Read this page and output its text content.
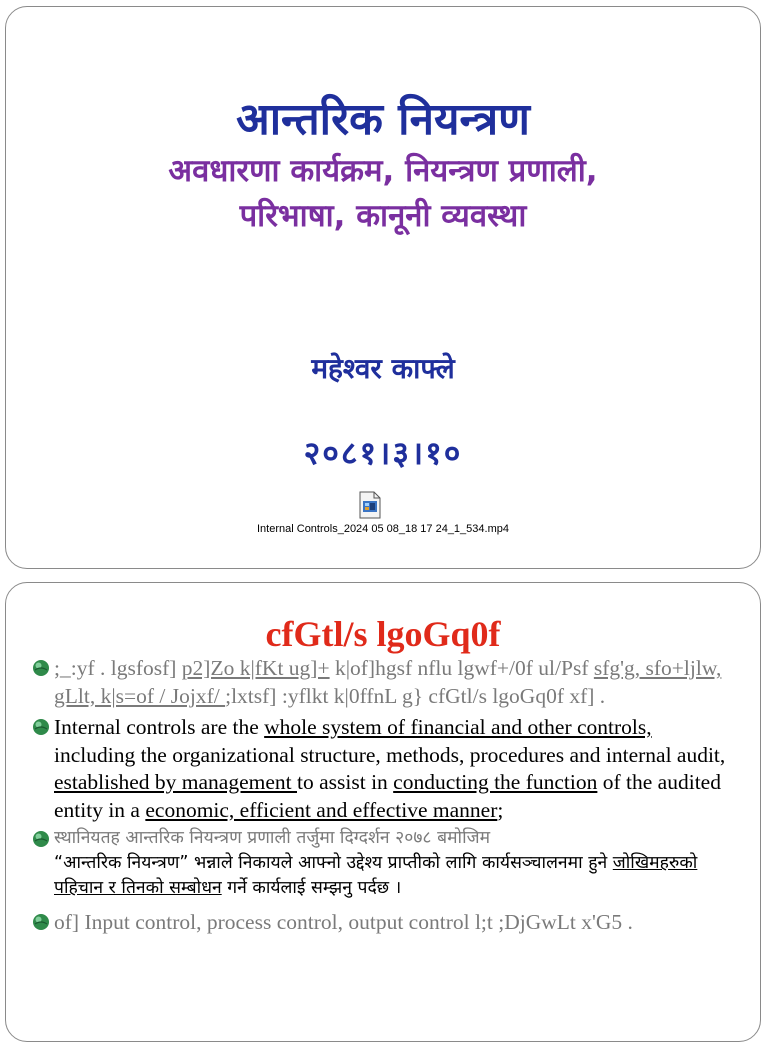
आन्तरिक नियन्त्रण
अवधारणा कार्यक्रम, नियन्त्रण प्रणाली,
परिभाषा, कानूनी व्यवस्था
महेश्वर काफ्ले
२०८१।३।१०
Internal Controls_2024 05 08_18 17 24_1_534.mp4
cfGtl/s lgoGq0f
;_:yf . lgsfosf] p2]Zo k|fKt ug]+ k|of]hgsf nflu lgwf+/0f ul/Psf sfg'g, sfo+ljlw, gLlt, k|s=of / Jojxf/ ;lxtsf] :yflkt k|0ffnL g} cfGtl/s lgoGq0f xf] .
Internal controls are the whole system of financial and other controls, including the organizational structure, methods, procedures and internal audit, established by management to assist in conducting the function of the audited entity in a economic, efficient and effective manner;
स्थानियतह आन्तरिक नियन्त्रण प्रणाली तर्जुमा दिग्दर्शन २०७८ बमोजिम
“आन्तरिक नियन्त्रण” भन्नाले निकायले आफ्नो उद्देश्य प्राप्तीको लागि कार्यसञ्चालनमा हुने जोखिमहरुको पहिचान र तिनको सम्बोधन गर्ने कार्यलाई सम्झनु पर्दछ ।
of] Input control, process control, output control l;t ;DjGwLt x'G5 .
